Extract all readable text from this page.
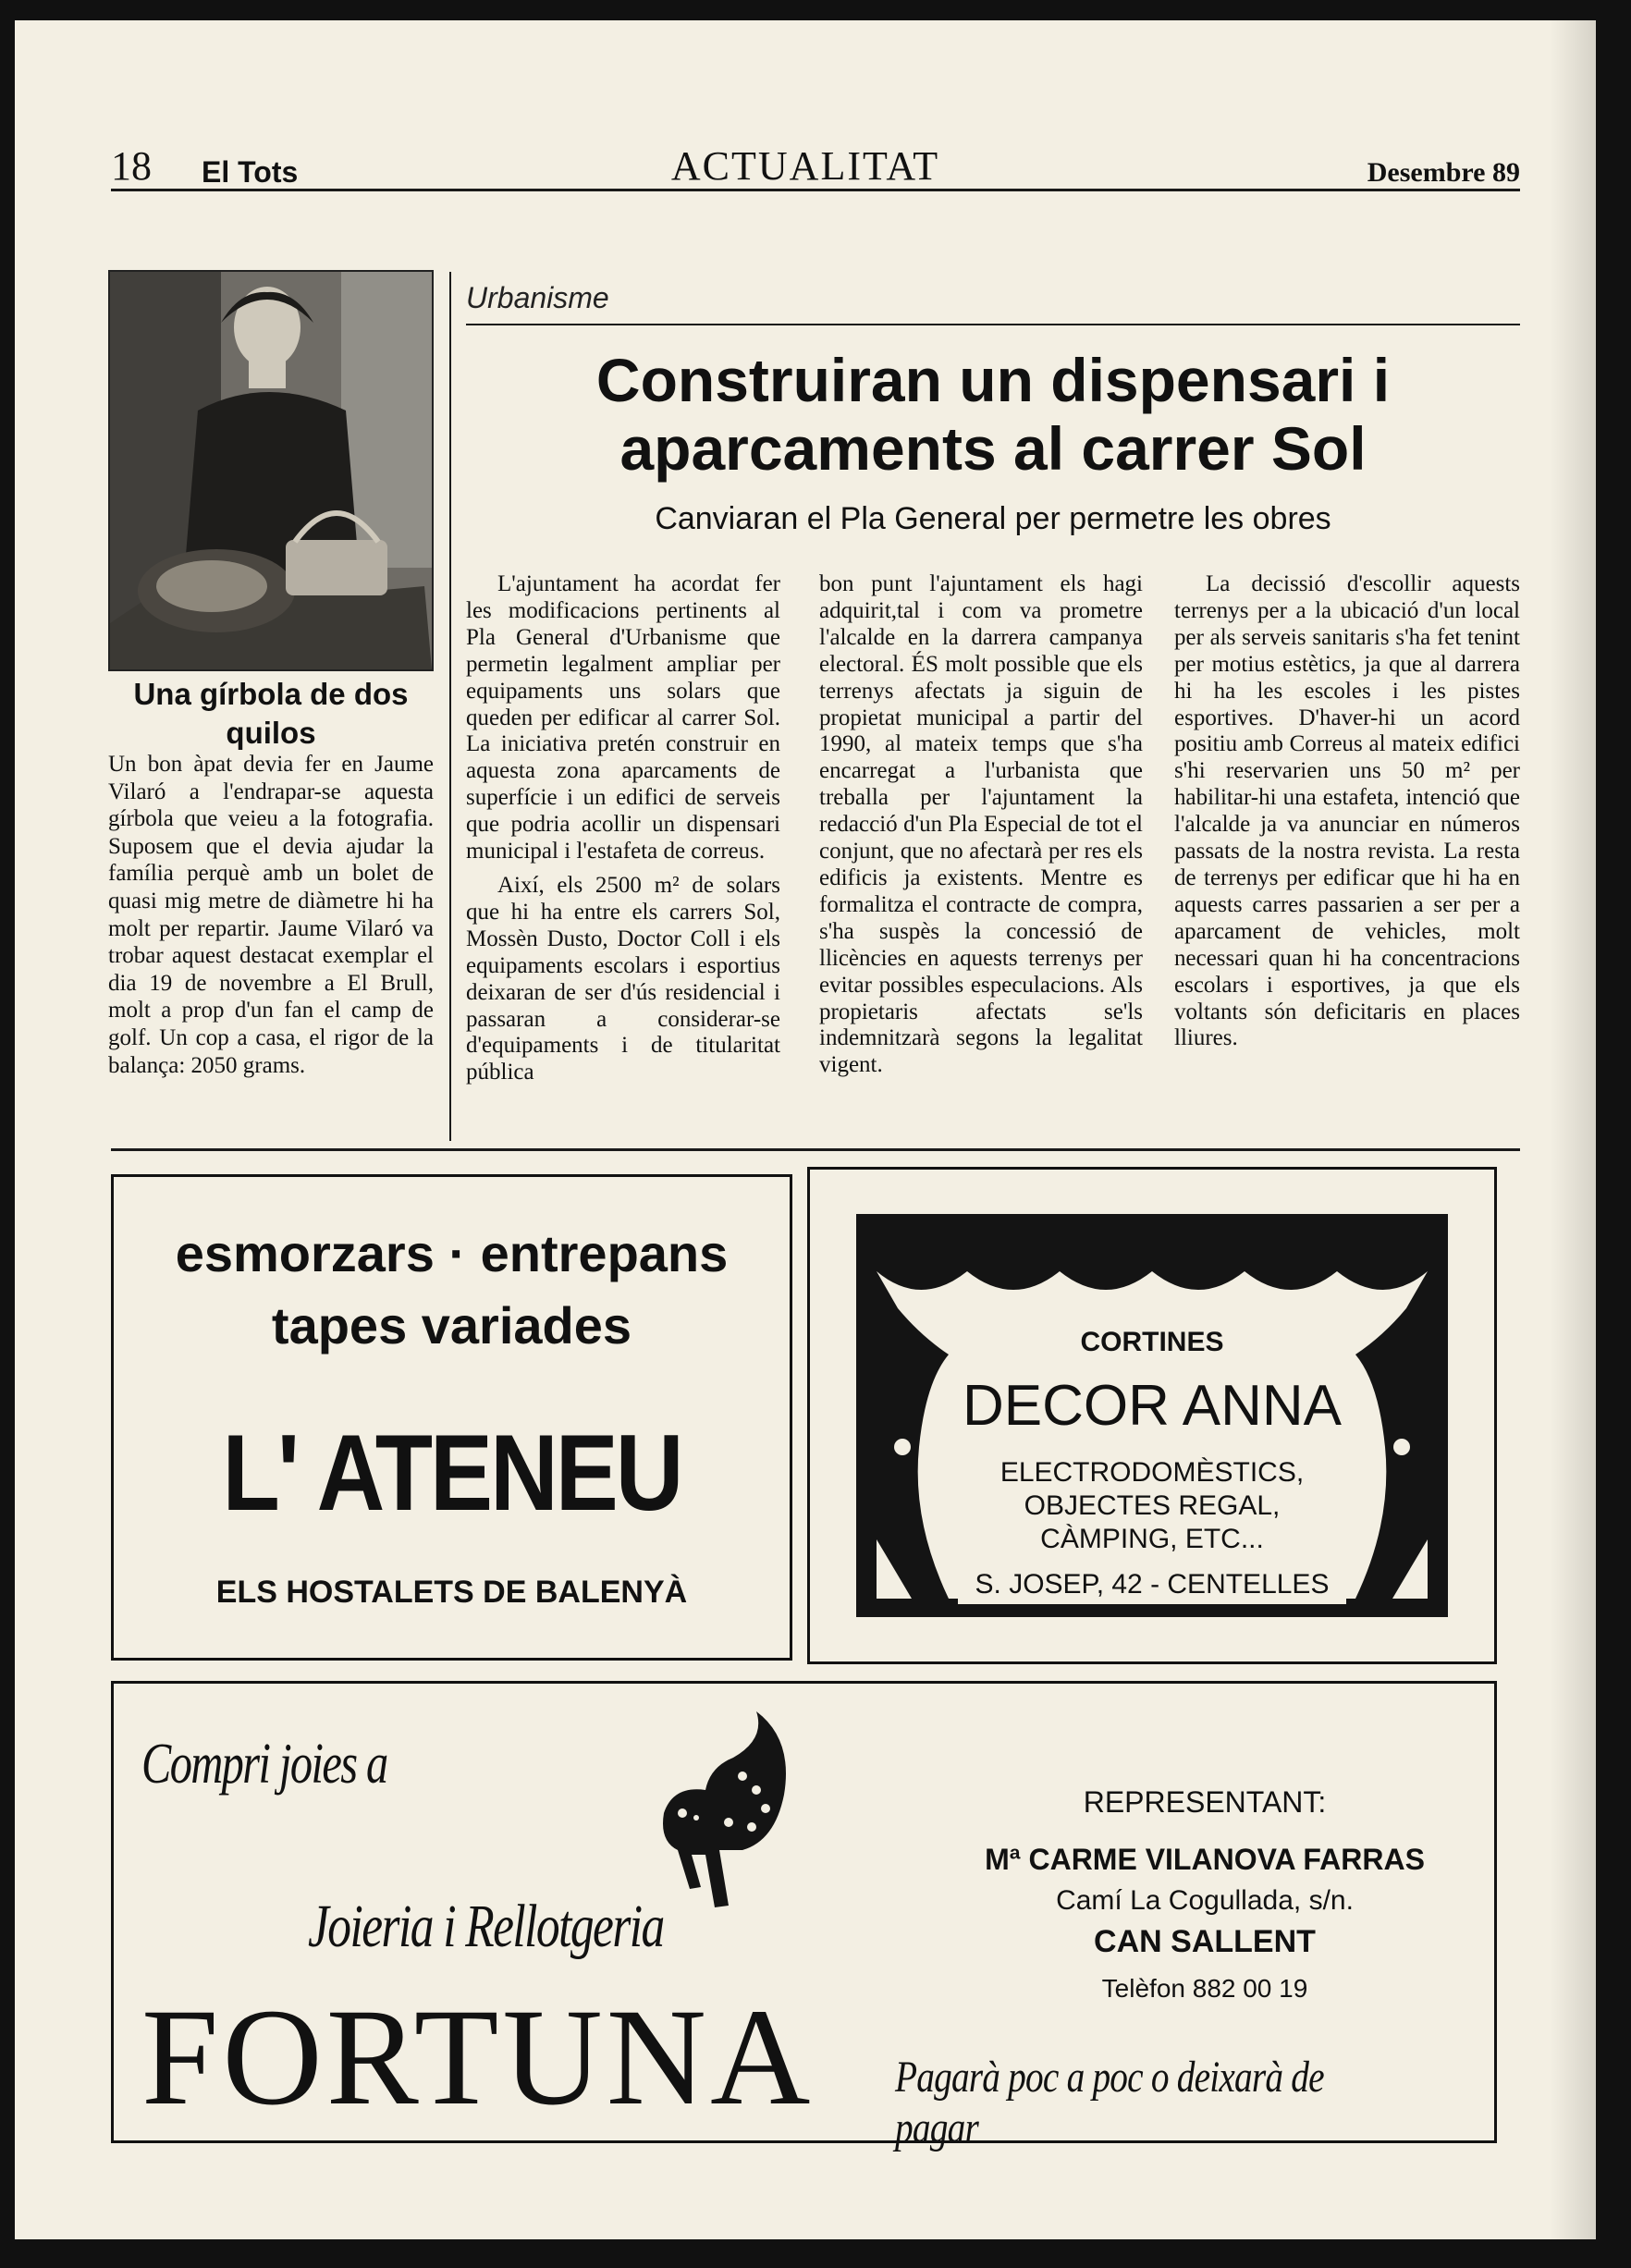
18 El Tots	ACTUALITAT	Desembre 89
Una gírbola de dos quilos
Un bon àpat devia fer en Jaume Vilaró a l'endrapar-se aquesta gírbola que veieu a la fotografia. Suposem que el devia ajudar la família perquè amb un bolet de quasi mig metre de diàmetre hi ha molt per repartir. Jaume Vilaró va trobar aquest destacat exemplar el dia 19 de novembre a El Brull, molt a prop d'un fan el camp de golf. Un cop a casa, el rigor de la balança: 2050 grams.
Urbanisme
Construiran un dispensari i aparcaments al carrer Sol
Canviaran el Pla General per permetre les obres

L'ajuntament ha acordat fer les modificacions pertinents al Pla General d'Urbanisme que permetin legalment ampliar per equipaments uns solars que queden per edificar al carrer Sol. La iniciativa pretén construir en aquesta zona aparcaments de superfície i un edifici de serveis que podria acollir un dispensari municipal i l'estafeta de correus.

Així, els 2500 m² de solars que hi ha entre els carrers Sol, Mossèn Dusto, Doctor Coll i els equipaments escolars i esportius deixaran de ser d'ús residencial i passaran a considerar-se d'equipaments i de titularitat pública

bon punt l'ajuntament els hagi adquirit,tal i com va prometre l'alcalde en la darrera campanya electoral. ÉS molt possible que els terrenys afectats ja siguin de propietat municipal a partir del 1990, al mateix temps que s'ha encarregat a l'urbanista que treballa per l'ajuntament la redacció d'un Pla Especial de tot el conjunt, que no afectarà per res els edificis ja existents. Mentre es formalitza el contracte de compra, s'ha suspès la concessió de llicències en aquests terrenys per evitar possibles especulacions. Als propietaris afectats se'ls indemnitzarà segons la legalitat vigent.

La decissió d'escollir aquests terrenys per a la ubicació d'un local per als serveis sanitaris s'ha fet tenint per motius estètics, ja que al darrera hi ha les escoles i les pistes esportives. D'haver-hi un acord positiu amb Correus al mateix edifici s'hi reservarien uns 50 m² per habilitar-hi una estafeta, intenció que l'alcalde ja va anunciar en números passats de la nostra revista. La resta de terrenys per edificar que hi ha en aquests carres passarien a ser per a aparcament de vehicles, molt necessari quan hi ha concentracions escolars i esportives, ja que els voltants són deficitaris en places lliures.

esmorzars · entrepans
tapes variades
L' ATENEU
ELS HOSTALETS DE BALENYÀ
CORTINES
DECOR ANNA
ELECTRODOMÈSTICS,
OBJECTES REGAL,
CÀMPING, ETC...
S. JOSEP, 42 - CENTELLES
Compri joies a
Joieria i Rellotgeria
FORTUNA Pagarà poc a poc o deixarà de pagar
REPRESENTANT:
Mª CARME VILANOVA FARRAS
Camí La Cogullada, s/n.
CAN SALLENT
Telèfon 882 00 19
